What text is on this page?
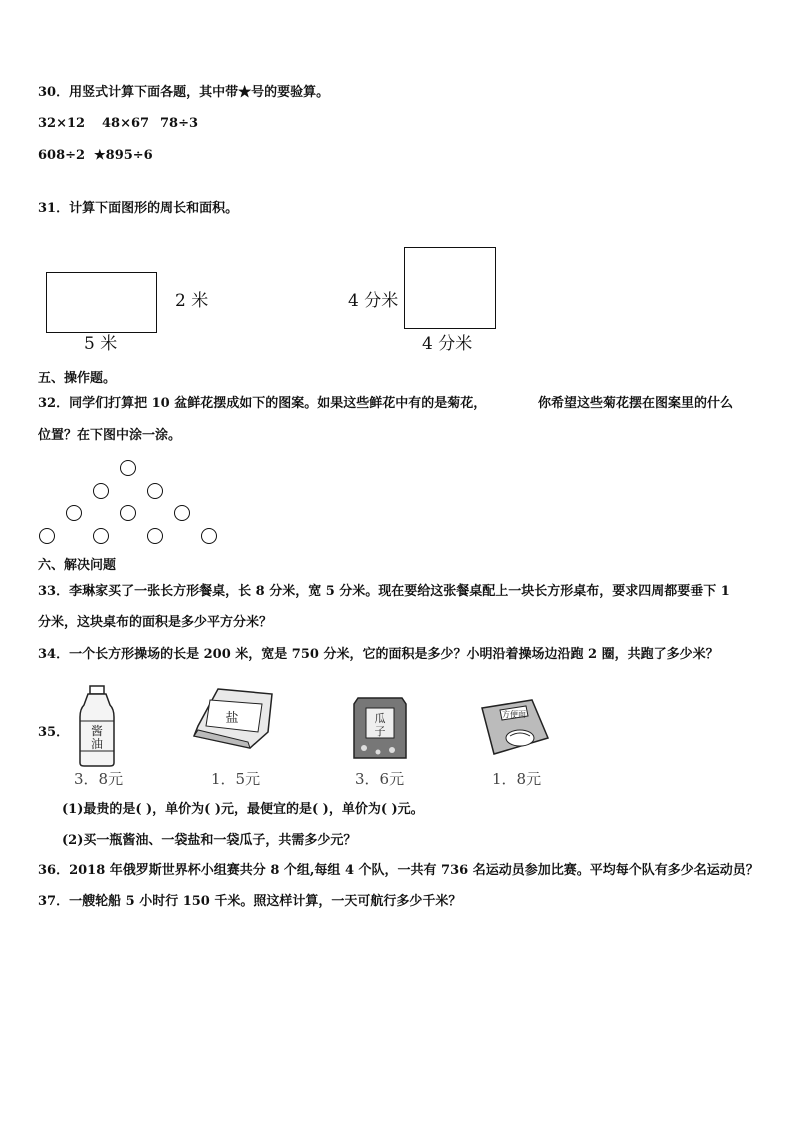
30．用竖式计算下面各题，其中带★号的要验算。
32×12 48×67 78÷3
608÷2 ★895÷6
31．计算下面图形的周长和面积。
2 米
5 米
4 分米
4 分米
五、操作题。
32．同学们打算把 10 盆鲜花摆成如下的图案。如果这些鲜花中有的是菊花，	你希望这些菊花摆在图案里的什么
位置？在下图中涂一涂。
六、解决问题
33．李琳家买了一张长方形餐桌，长 8 分米，宽 5 分米。现在要给这张餐桌配上一块长方形桌布，要求四周都要垂下 1
分米，这块桌布的面积是多少平方分米？
34．一个长方形操场的长是 200 米，宽是 750 分米，它的面积是多少？小明沿着操场边沿跑 2 圈，共跑了多少米？
35． 酱
油
盐	瓜
子
方便面
3．8元	1．5元	3．6元	1．8元
(1)最贵的是( )，单价为( )元，最便宜的是( )，单价为( )元。
(2)买一瓶酱油、一袋盐和一袋瓜子，共需多少元？
36．2018 年俄罗斯世界杯小组赛共分 8 个组,每组 4 个队，一共有 736 名运动员参加比赛。平均每个队有多少名运动员？
37．一艘轮船 5 小时行 150 千米。照这样计算，一天可航行多少千米？
